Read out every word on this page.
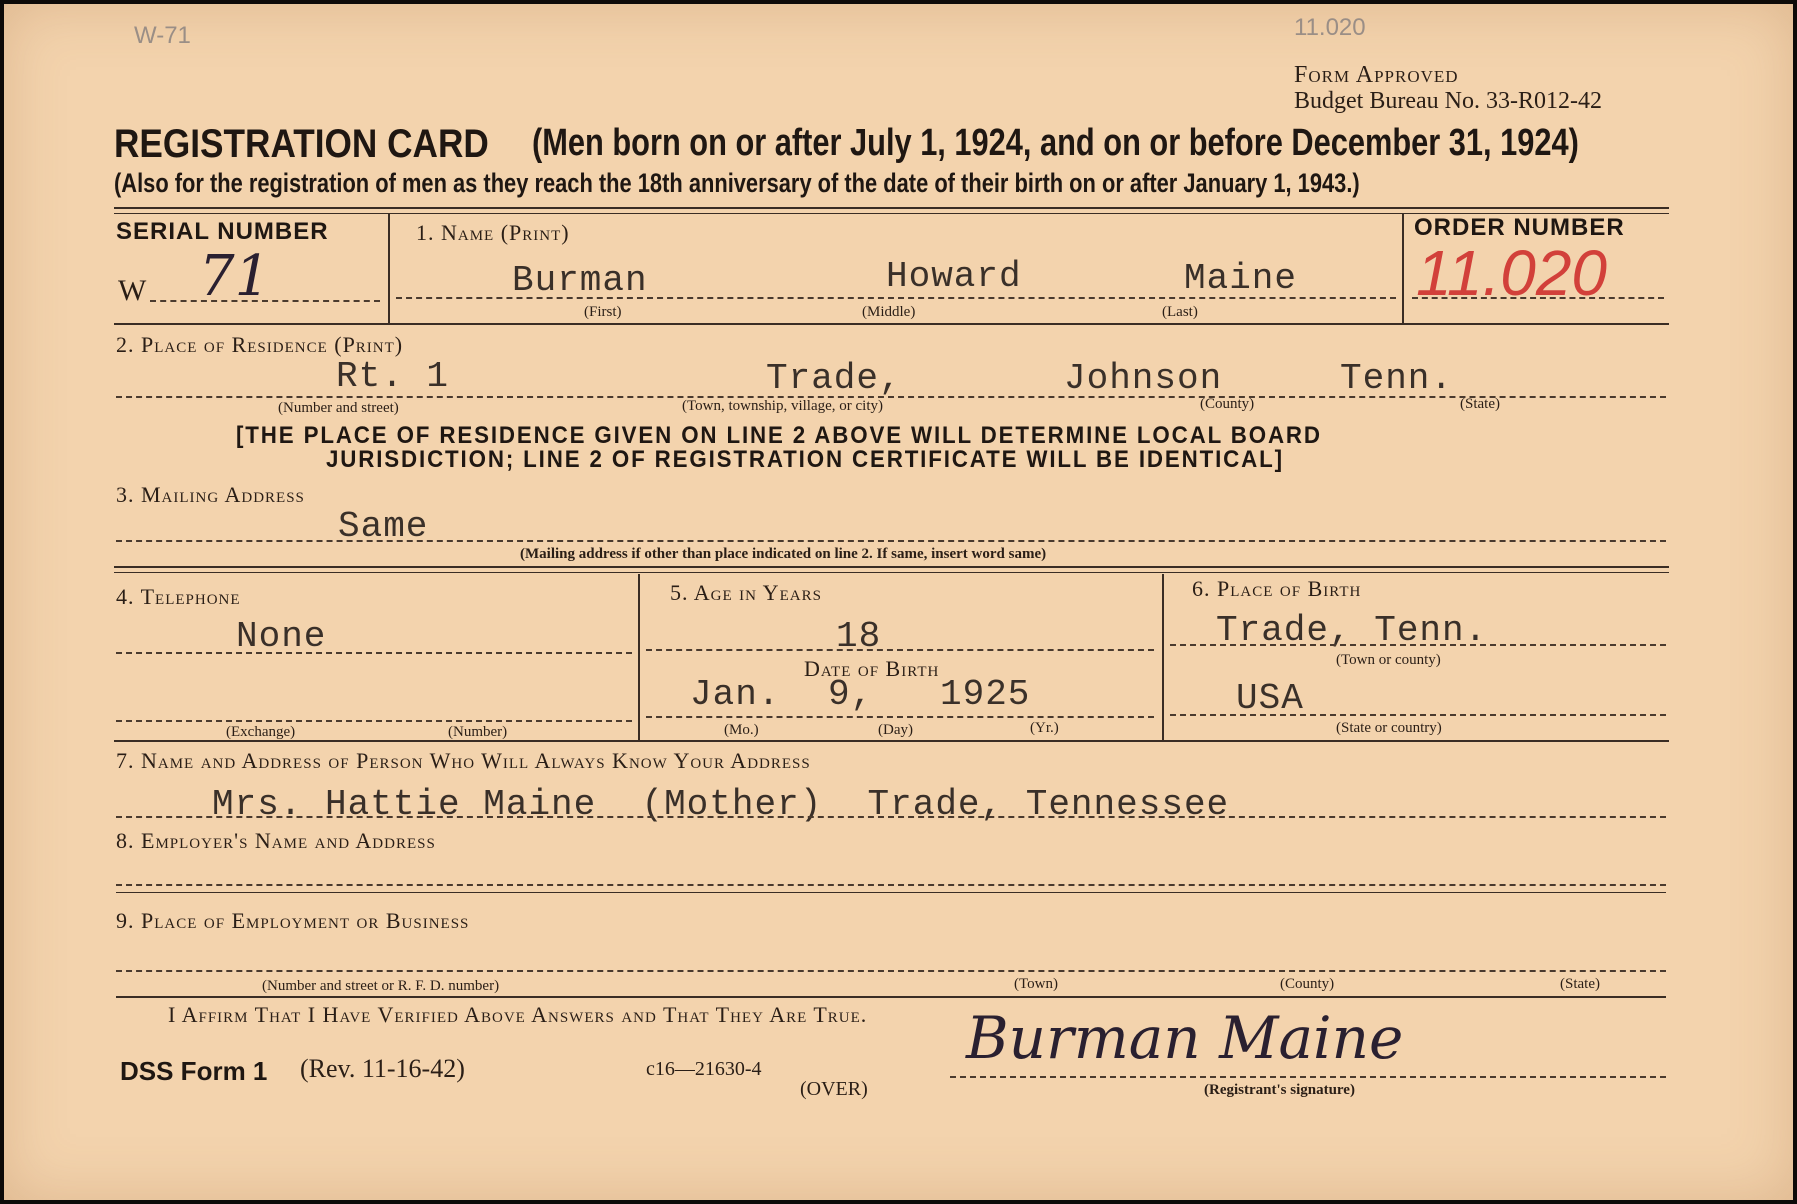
W-71	11.020
Form Approved
Budget Bureau No. 33-R012-42
REGISTRATION CARD (Men born on or after July 1, 1924, and on or before December 31, 1924)
(Also for the registration of men as they reach the 18th anniversary of the date of their birth on or after January 1, 1943.)
SERIAL NUMBER
W 71
1. Name (Print)
Burman	Howard	Maine
(First)	(Middle)	(Last)
ORDER NUMBER
11.020
2. Place of Residence (Print)
Rt. 1	Trade,	Johnson	Tenn.
(Number and street)	(Town, township, village, or city)	(County)	(State)
[THE PLACE OF RESIDENCE GIVEN ON LINE 2 ABOVE WILL DETERMINE LOCAL BOARD
JURISDICTION; LINE 2 OF REGISTRATION CERTIFICATE WILL BE IDENTICAL]
3. Mailing Address
Same
(Mailing address if other than place indicated on line 2. If same, insert word same)
4. Telephone
None
(Exchange)	(Number)
5. Age in Years
18
Date of Birth
Jan. 9, 1925
(Mo.)	(Day)	(Yr.)
6. Place of Birth
Trade, Tenn.
(Town or county)
USA
(State or country)
7. Name and Address of Person Who Will Always Know Your Address
Mrs. Hattie Maine  (Mother)  Trade, Tennessee
8. Employer's Name and Address
9. Place of Employment or Business
(Number and street or R. F. D. number)	(Town)	(County)	(State)
I Affirm That I Have Verified Above Answers and That They Are True.
DSS Form 1 (Rev. 11-16-42)	c16—21630-4
(OVER)
Burman Maine
(Registrant's signature)
